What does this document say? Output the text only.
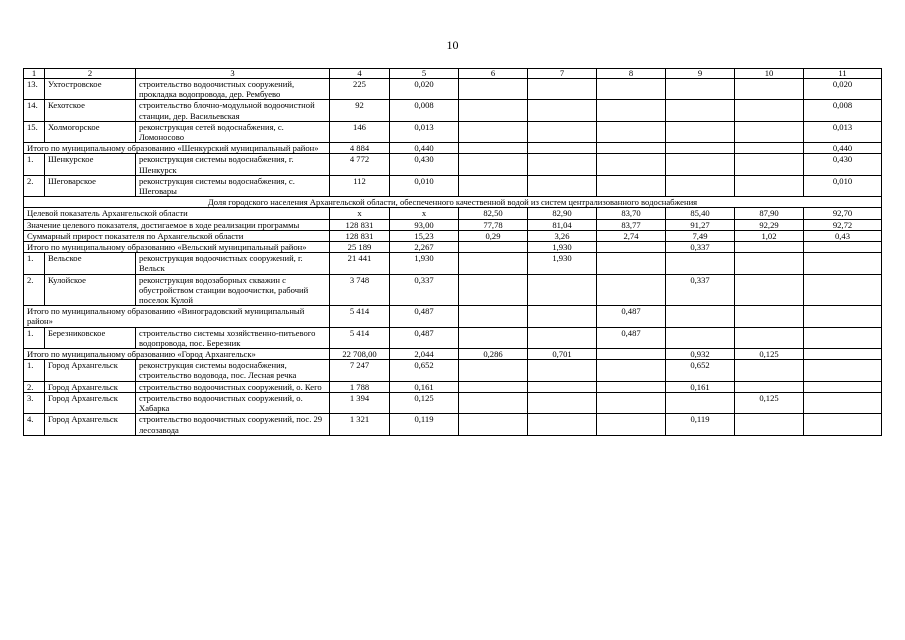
10
1	2	3	4	5	6	7	8	9	10	11
13.	Ухтостровское	строительство водоочистных сооружений, прокладка водопровода, дер. Рембуево	225	0,020						0,020
14.	Кехотское	строительство блочно-модульной водоочистной станции, дер. Васильевская	92	0,008						0,008
15.	Холмогорское	реконструкция сетей водоснабжения, с. Ломоносово	146	0,013						0,013
Итого по муниципальному образованию «Шенкурский муниципальный район»			4 884	0,440						0,440
1.	Шенкурское	реконструкция системы водоснабжения, г. Шенкурск	4 772	0,430						0,430
2.	Шеговарское	реконструкция системы водоснабжения, с. Шеговары	112	0,010						0,010
Доля городского населения Архангельской области, обеспеченного качественной водой из систем централизованного водоснабжения										
Целевой показатель Архангельской области			х	х	82,50	82,90	83,70	85,40	87,90	92,70
Значение целевого показателя, достигаемое в ходе реализации программы			128 831	93,00	77,78	81,04	83,77	91,27	92,29	92,72
Суммарный прирост показателя по Архангельской области			128 831	15,23	0,29	3,26	2,74	7,49	1,02	0,43
Итого по муниципальному образованию «Вельский муниципальный район»			25 189	2,267		1,930		0,337		
1.	Вельское	реконструкция водоочистных сооружений, г. Вельск	21 441	1,930		1,930				
2.	Кулойское	реконструкция водозаборных скважин с обустройством станции водоочистки, рабочий поселок Кулой	3 748	0,337				0,337		
Итого по муниципальному образованию «Виноградовский муниципальный район»			5 414	0,487			0,487			
1.	Березниковское	строительство системы хозяйственно-питьевого водопровода, пос. Березник	5 414	0,487			0,487			
Итого по муниципальному образованию «Город Архангельск»			22 708,00	2,044	0,286	0,701		0,932	0,125	
1.	Город Архангельск	реконструкция системы водоснабжения, строительство водовода, пос. Лесная речка	7 247	0,652				0,652		
2.	Город Архангельск	строительство водоочистных сооружений, о. Кего	1 788	0,161				0,161		
3.	Город Архангельск	строительство водоочистных сооружений, о. Хабарка	1 394	0,125					0,125	
4.	Город Архангельск	строительство водоочистных сооружений, пос. 29 лесозавода	1 321	0,119				0,119		
